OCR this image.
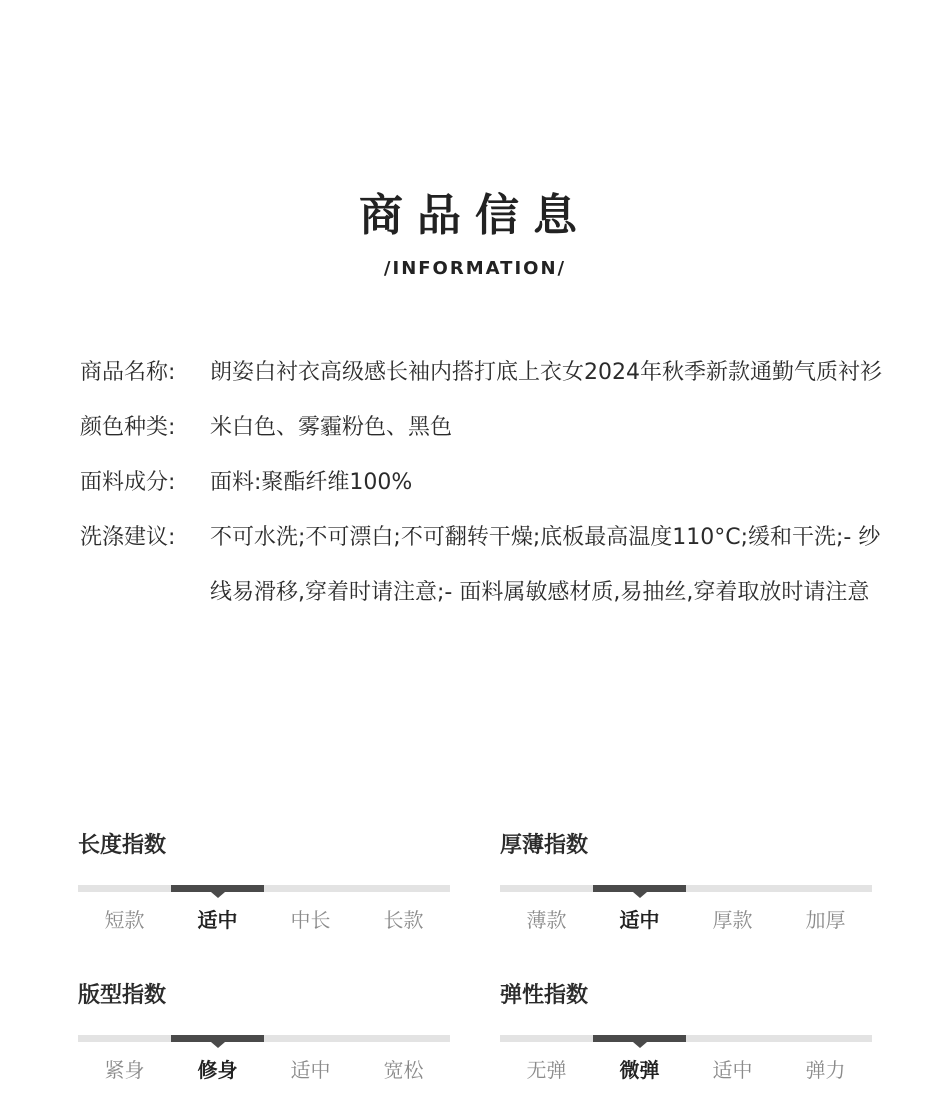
商品信息
/INFORMATION/
商品名称:	朗姿白衬衣高级感长袖内搭打底上衣女2024年秋季新款通勤气质衬衫
颜色种类:	米白色、雾霾粉色、黑色
面料成分:	面料:聚酯纤维100%
洗涤建议:	不可水洗;不可漂白;不可翻转干燥;底板最高温度110°C;缓和干洗;- 纱线易滑移,穿着时请注意;- 面料属敏感材质,易抽丝,穿着取放时请注意
长度指数
短款	适中	中长	长款
厚薄指数
薄款	适中	厚款	加厚
版型指数
紧身	修身	适中	宽松
弹性指数
无弹	微弹	适中	弹力
